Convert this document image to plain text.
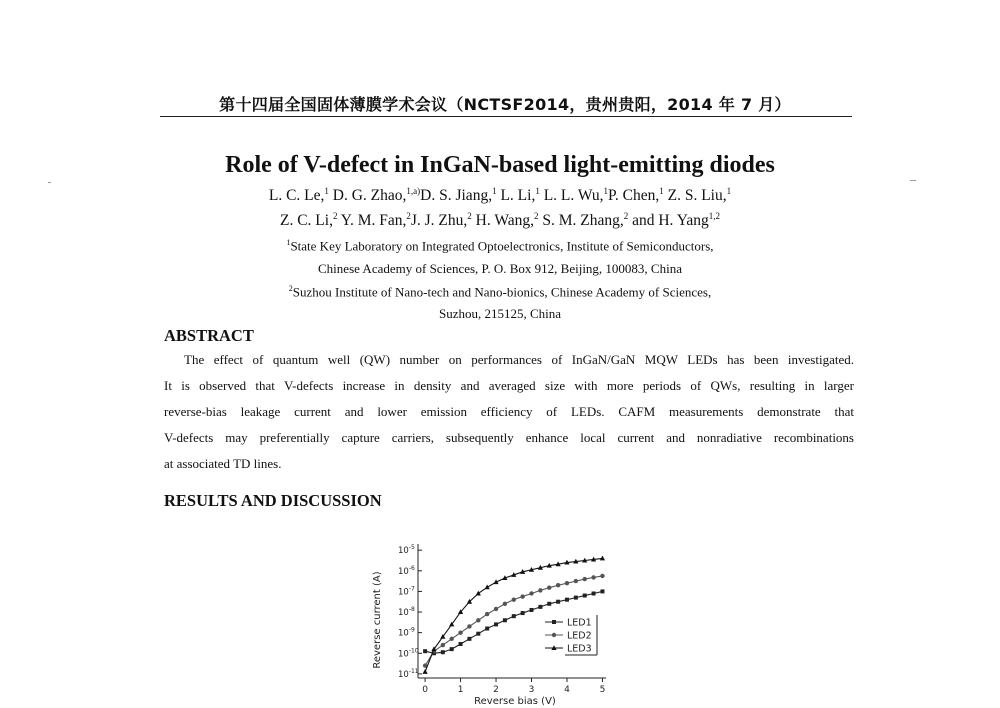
第十四届全国固体薄膜学术会议（NCTSF2014，贵州贵阳，2014 年 7 月）
Role of V-defect in InGaN-based light-emitting diodes
L. C. Le,$^1$ D. G. Zhao,$^{1,a)}$D. S. Jiang,$^1$ L. Li,$^1$ L. L. Wu,$^1$P. Chen,$^1$ Z. S. Liu,$^1$
Z. C. Li,$^2$ Y. M. Fan,$^2$J. J. Zhu,$^2$ H. Wang,$^2$ S. M. Zhang,$^2$ and H. Yang$^{1,2}$
$^1$State Key Laboratory on Integrated Optoelectronics, Institute of Semiconductors,
Chinese Academy of Sciences, P. O. Box 912, Beijing, 100083, China
$^2$Suzhou Institute of Nano-tech and Nano-bionics, Chinese Academy of Sciences,
Suzhou, 215125, China
ABSTRACT
The effect of quantum well (QW) number on performances of InGaN/GaN MQW LEDs has been investigated.
It is observed that V-defects increase in density and averaged size with more periods of QWs, resulting in larger
reverse-bias leakage current and lower emission efficiency of LEDs. CAFM measurements demonstrate that
V-defects may preferentially capture carriers, subsequently enhance local current and nonradiative recombinations
at associated TD lines.
RESULTS AND DISCUSSION
0	1	2	3	4	5
$10^{-5}$
$10^{-6}$
$10^{-7}$
$10^{-8}$
$10^{-9}$
$10^{-10}$
$10^{-11}$
LED1
LED2
LED3
Reverse current (A)
Reverse bias (V)
